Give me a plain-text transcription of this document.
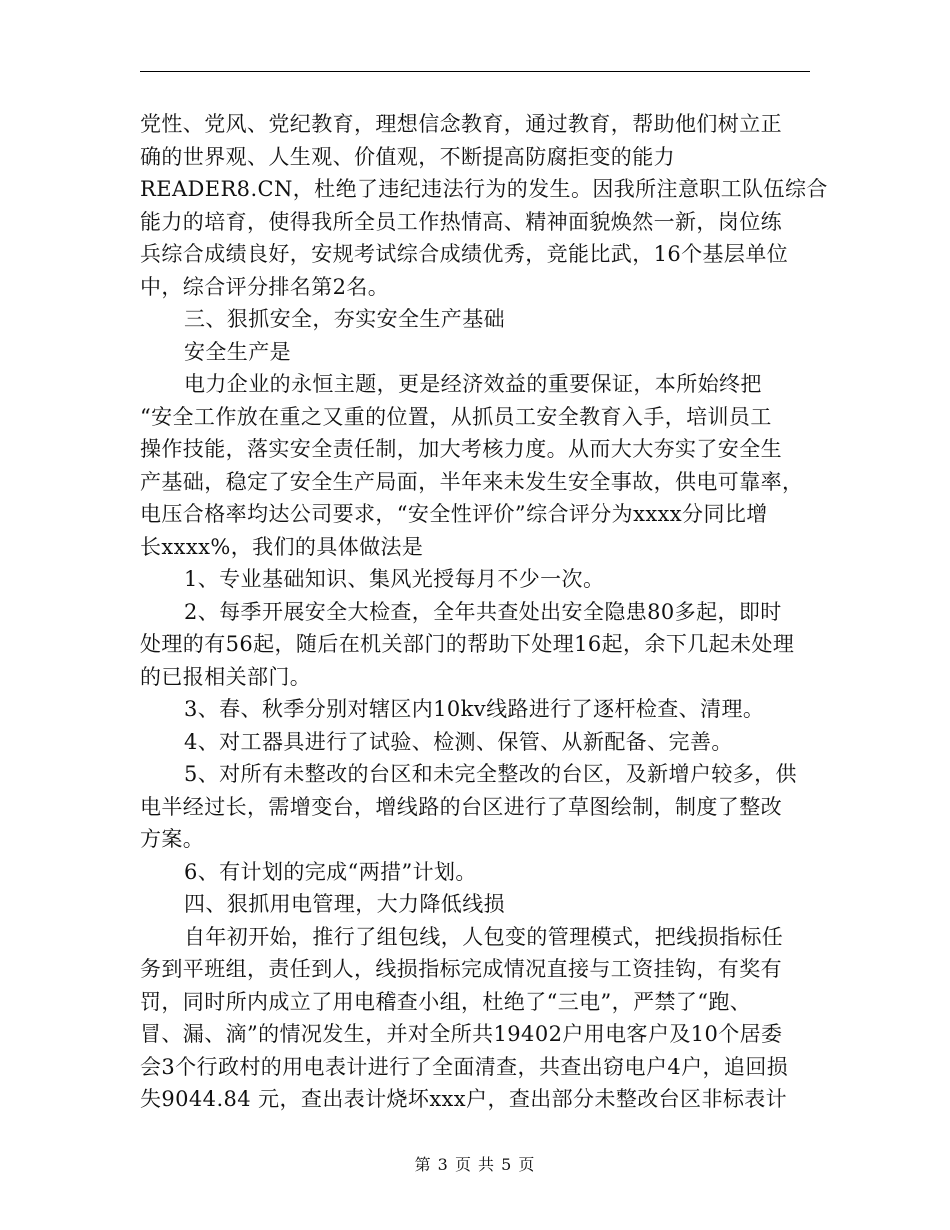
党性、党风、党纪教育，理想信念教育，通过教育，帮助他们树立正
确的世界观、人生观、价值观，不断提高防腐拒变的能力
READER8.CN，杜绝了违纪违法行为的发生。因我所注意职工队伍综合
能力的培育，使得我所全员工作热情高、精神面貌焕然一新，岗位练
兵综合成绩良好，安规考试综合成绩优秀，竞能比武，16个基层单位
中，综合评分排名第2名。
三、狠抓安全，夯实安全生产基础
安全生产是
电力企业的永恒主题，更是经济效益的重要保证，本所始终把
“安全工作放在重之又重的位置，从抓员工安全教育入手，培训员工
操作技能，落实安全责任制，加大考核力度。从而大大夯实了安全生
产基础，稳定了安全生产局面，半年来未发生安全事故，供电可靠率，
电压合格率均达公司要求，“安全性评价”综合评分为xxxx分同比增
长xxxx%，我们的具体做法是
1、专业基础知识、集风光授每月不少一次。
2、每季开展安全大检查，全年共查处出安全隐患80多起，即时
处理的有56起，随后在机关部门的帮助下处理16起，余下几起未处理
的已报相关部门。
3、春、秋季分别对辖区内10kv线路进行了逐杆检查、清理。
4、对工器具进行了试验、检测、保管、从新配备、完善。
5、对所有未整改的台区和未完全整改的台区，及新增户较多，供
电半经过长，需增变台，增线路的台区进行了草图绘制，制度了整改
方案。
6、有计划的完成“两措”计划。
四、狠抓用电管理，大力降低线损
自年初开始，推行了组包线，人包变的管理模式，把线损指标任
务到平班组，责任到人，线损指标完成情况直接与工资挂钩，有奖有
罚，同时所内成立了用电稽查小组，杜绝了“三电”，严禁了“跑、
冒、漏、滴”的情况发生，并对全所共19402户用电客户及10个居委
会3个行政村的用电表计进行了全面清查，共查出窃电户4户，追回损
失9044.84 元，查出表计烧坏xxx户，查出部分未整改台区非标表计
第 3 页 共 5 页
